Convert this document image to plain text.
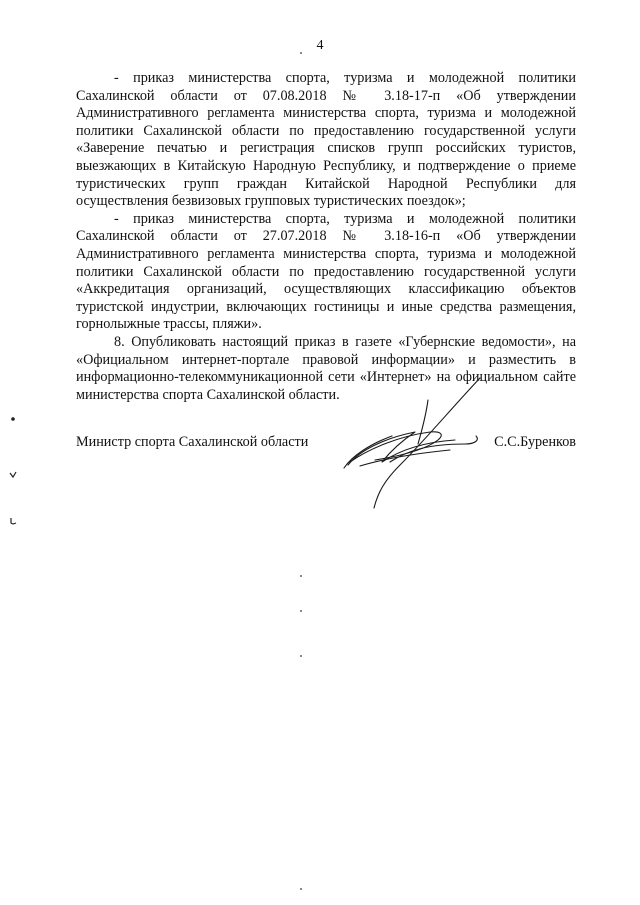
4

- приказ министерства спорта, туризма и молодежной политики Сахалинской области от 07.08.2018 № 3.18-17-п «Об утверждении Административного регламента министерства спорта, туризма и молодежной политики Сахалинской области по предоставлению государственной услуги «Заверение печатью и регистрация списков групп российских туристов, выезжающих в Китайскую Народную Республику, и подтверждение о приеме туристических групп граждан Китайской Народной Республики для осуществления безвизовых групповых туристических поездок»;

- приказ министерства спорта, туризма и молодежной политики Сахалинской области от 27.07.2018 № 3.18-16-п «Об утверждении Административного регламента министерства спорта, туризма и молодежной политики Сахалинской области по предоставлению государственной услуги «Аккредитация организаций, осуществляющих классификацию объектов туристской индустрии, включающих гостиницы и иные средства размещения, горнолыжные трассы, пляжи».

8. Опубликовать настоящий приказ в газете «Губернские ведомости», на «Официальном интернет-портале правовой информации» и разместить в информационно-телекоммуникационной сети «Интернет» на официальном сайте министерства спорта Сахалинской области.

Министр спорта Сахалинской области	С.С.Буренков
